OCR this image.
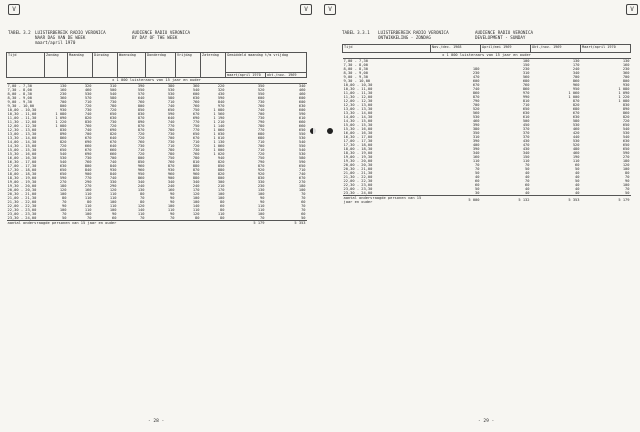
V	V
TABEL 3.2 LUISTERBEREIK RADIO VERONICA
NAAR DAG VAN DE WEEK
maart/april 1970
AUDIENCE RADIO VERONICA
BY DAY OF THE WEEK
Tijd	Zondag	Maandag	Dinsdag	Woensdag	Donderdag	Vrijdag	Zaterdag	Gemiddeld maandag t/m vrijdag	
								maart/april 1970	okt./nov. 1969
x 1 000 luisteraars van 15 jaar en ouder									
7,00 - 7,30	130	320	310	390	380	360	220	350	340
7,30 - 8,00	160	460	500	550	530	540	320	520	460
8,00 - 8,30	230	530	540	570	530	600	430	550	460
8,30 - 9,00	360	570	580	640	580	630	590	600	600
9,00 - 9,30	700	710	730	760	710	760	840	730	600
9,30 - 10,00	800	720	780	800	740	760	970	760	630
10,00 - 10,30	930	730	720	850	650	750	1 080	740	600
10,30 - 11,00	1 080	740	650	830	590	670	1 560	700	590
11,00 - 11,30	1 090	820	630	870	640	690	1 190	730	610
11,30 - 12,00	1 220	830	730	890	740	770	1 210	790	660
12,00 - 12,30	1 080	760	720	870	770	750	1 140	780	660
12,30 - 13,00	830	740	690	870	780	770	1 060	770	650
13,00 - 13,30	890	700	820	720	730	650	1 030	680	550
13,30 - 14,00	860	670	640	720	700	670	1 010	680	530
14,00 - 14,30	820	690	670	760	730	710	1 130	710	540
14,30 - 15,00	720	660	640	730	710	720	1 060	700	550
15,00 - 15,30	650	670	660	710	780	730	1 000	710	540
15,30 - 16,00	540	690	660	720	780	760	1 020	720	530
16,00 - 16,30	530	730	700	800	750	780	940	750	580
16,30 - 17,00	540	760	740	850	760	810	820	790	590
17,00 - 17,30	630	800	840	960	870	880	850	870	650
17,30 - 18,00	650	840	930	960	930	870	880	920	710
18,00 - 18,30	650	900	840	950	960	960	820	920	740
18,30 - 19,00	590	770	740	860	900	880	800	830	670
19,00 - 19,30	270	290	330	340	340	340	300	330	270
19,30 - 20,00	180	270	290	240	240	240	210	230	180
20,00 - 20,30	120	160	120	130	160	170	170	130	100
20,30 - 21,00	100	110	110	80	90	120	100	100	70
21,00 - 21,30	80	110	110	70	90	100	100	90	70
21,30 - 22,00	70	80	100	80	90	100	80	90	60
22,00 - 22,30	90	110	110	120	100	140	60	110	70
22,30 - 23,00	100	110	100	140	110	110	80	110	70
23,00 - 23,30	70	100	90	110	90	120	110	100	60
23,30 - 24,00	50	70	60	70	70	80	80	70	50
aantal ondervraagde personen van 15 jaar en ouder								5 179	5 353
- 28 -
V	V
TABEL 3.3.1 LUISTERBEREIK RADIO VERONICA
ONTWIKKELING - ZONDAG
AUDIENCE RADIO VERONICA
DEVELOPMENT - SUNDAY
Tijd	Nov./dec. 1968	April/mei 1969	Okt./nov. 1969	Maart/april 1970
x 1 000 luisteraars van 15 jaar en ouder				
7,00 - 7,30		100	130	130
7,30 - 8,00		150	170	160
8,00 - 8,30	180	230	240	230
8,30 - 9,00	230	310	340	360
9,00 - 9,30	470	560	700	700
9,30 - 10,00	600	680	860	800
10,00 - 10,30	670	760	960	930
10,30 - 11,00	740	860	950	1 080
11,00 - 11,30	860	970	1 060	1 090
11,30 - 12,00	870	990	1 000	1 220
12,00 - 12,30	790	810	870	1 080
12,30 - 13,00	700	710	820	830
13,00 - 13,30	520	650	680	890
13,30 - 14,00	560	630	670	860
14,00 - 14,30	530	610	630	820
14,30 - 15,00	460	500	580	720
15,00 - 15,30	390	450	530	650
15,30 - 16,00	380	370	460	540
16,00 - 16,30	350	370	420	530
16,30 - 17,00	310	370	440	540
17,00 - 17,30	390	430	530	630
17,30 - 18,00	400	470	520	650
18,00 - 18,30	390	430	480	650
18,30 - 19,00	340	340	460	590
19,00 - 19,30	160	150	190	270
19,30 - 20,00	110	110	110	180
20,00 - 20,30	70	70	60	120
20,30 - 21,00	70	50	50	100
21,00 - 21,30	50	40	40	80
21,30 - 22,00	40	40	40	70
22,00 - 22,30	60	70	50	90
22,30 - 23,00	60	60	40	100
23,00 - 23,30	50	40	40	70
23,30 - 24,00	30	40	40	50
aantal ondervraagde personen van 15 jaar en ouder	5 000	5 132	5 353	5 179
- 29 -
